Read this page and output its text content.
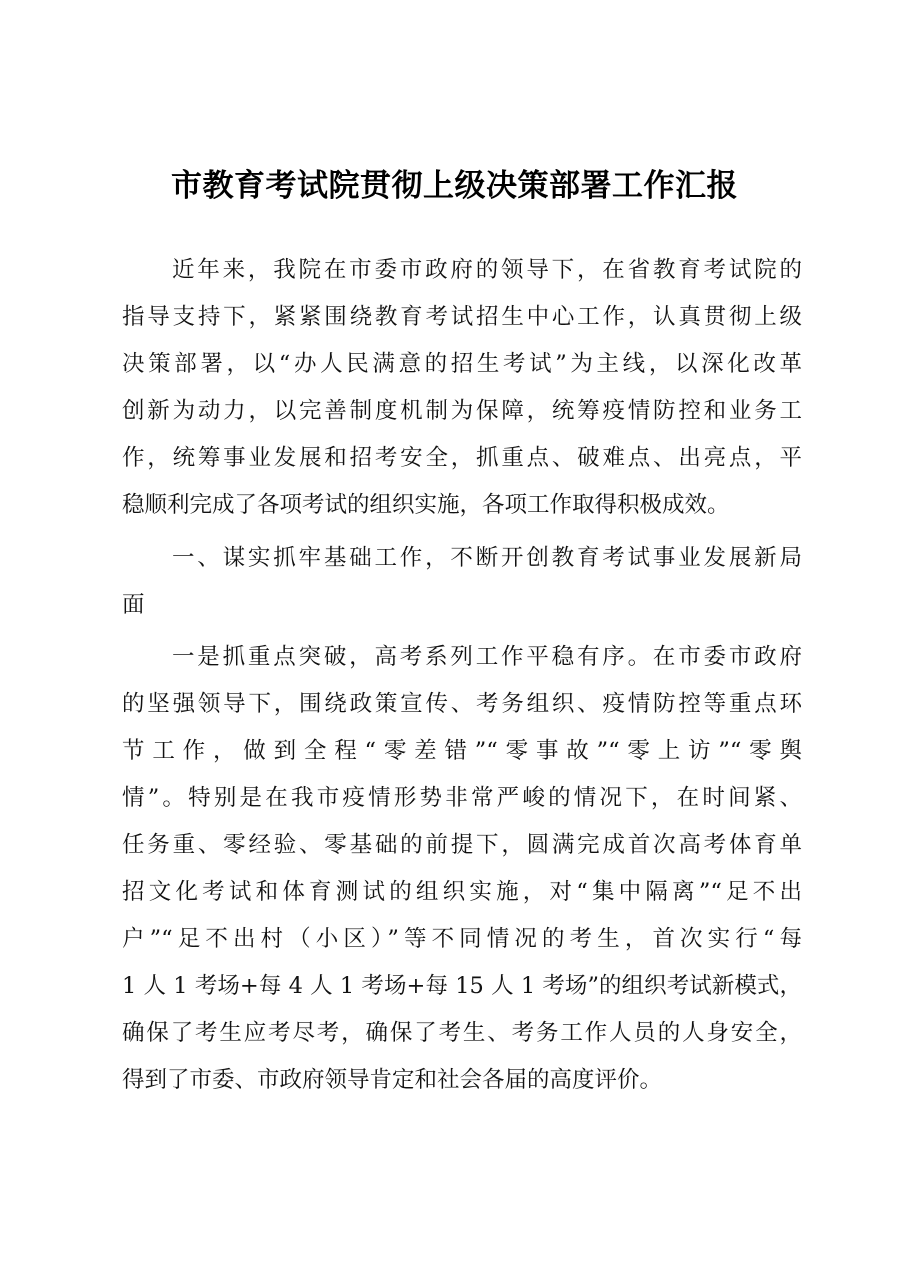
市教育考试院贯彻上级决策部署工作汇报
近年来，我院在市委市政府的领导下，在省教育考试院的
指导支持下，紧紧围绕教育考试招生中心工作，认真贯彻上级
决策部署，以“办人民满意的招生考试”为主线，以深化改革
创新为动力，以完善制度机制为保障，统筹疫情防控和业务工
作，统筹事业发展和招考安全，抓重点、破难点、出亮点，平
稳顺利完成了各项考试的组织实施，各项工作取得积极成效。
一、谋实抓牢基础工作，不断开创教育考试事业发展新局
面
一是抓重点突破，高考系列工作平稳有序。在市委市政府
的坚强领导下，围绕政策宣传、考务组织、疫情防控等重点环
节工作，做到全程“零差错”“零事故”“零上访”“零舆
情”。特别是在我市疫情形势非常严峻的情况下，在时间紧、
任务重、零经验、零基础的前提下，圆满完成首次高考体育单
招文化考试和体育测试的组织实施，对“集中隔离”“足不出
户”“足不出村（小区）”等不同情况的考生，首次实行“每
1 人 1 考场+每 4 人 1 考场+每 15 人 1 考场”的组织考试新模式，
确保了考生应考尽考，确保了考生、考务工作人员的人身安全，
得到了市委、市政府领导肯定和社会各届的高度评价。
